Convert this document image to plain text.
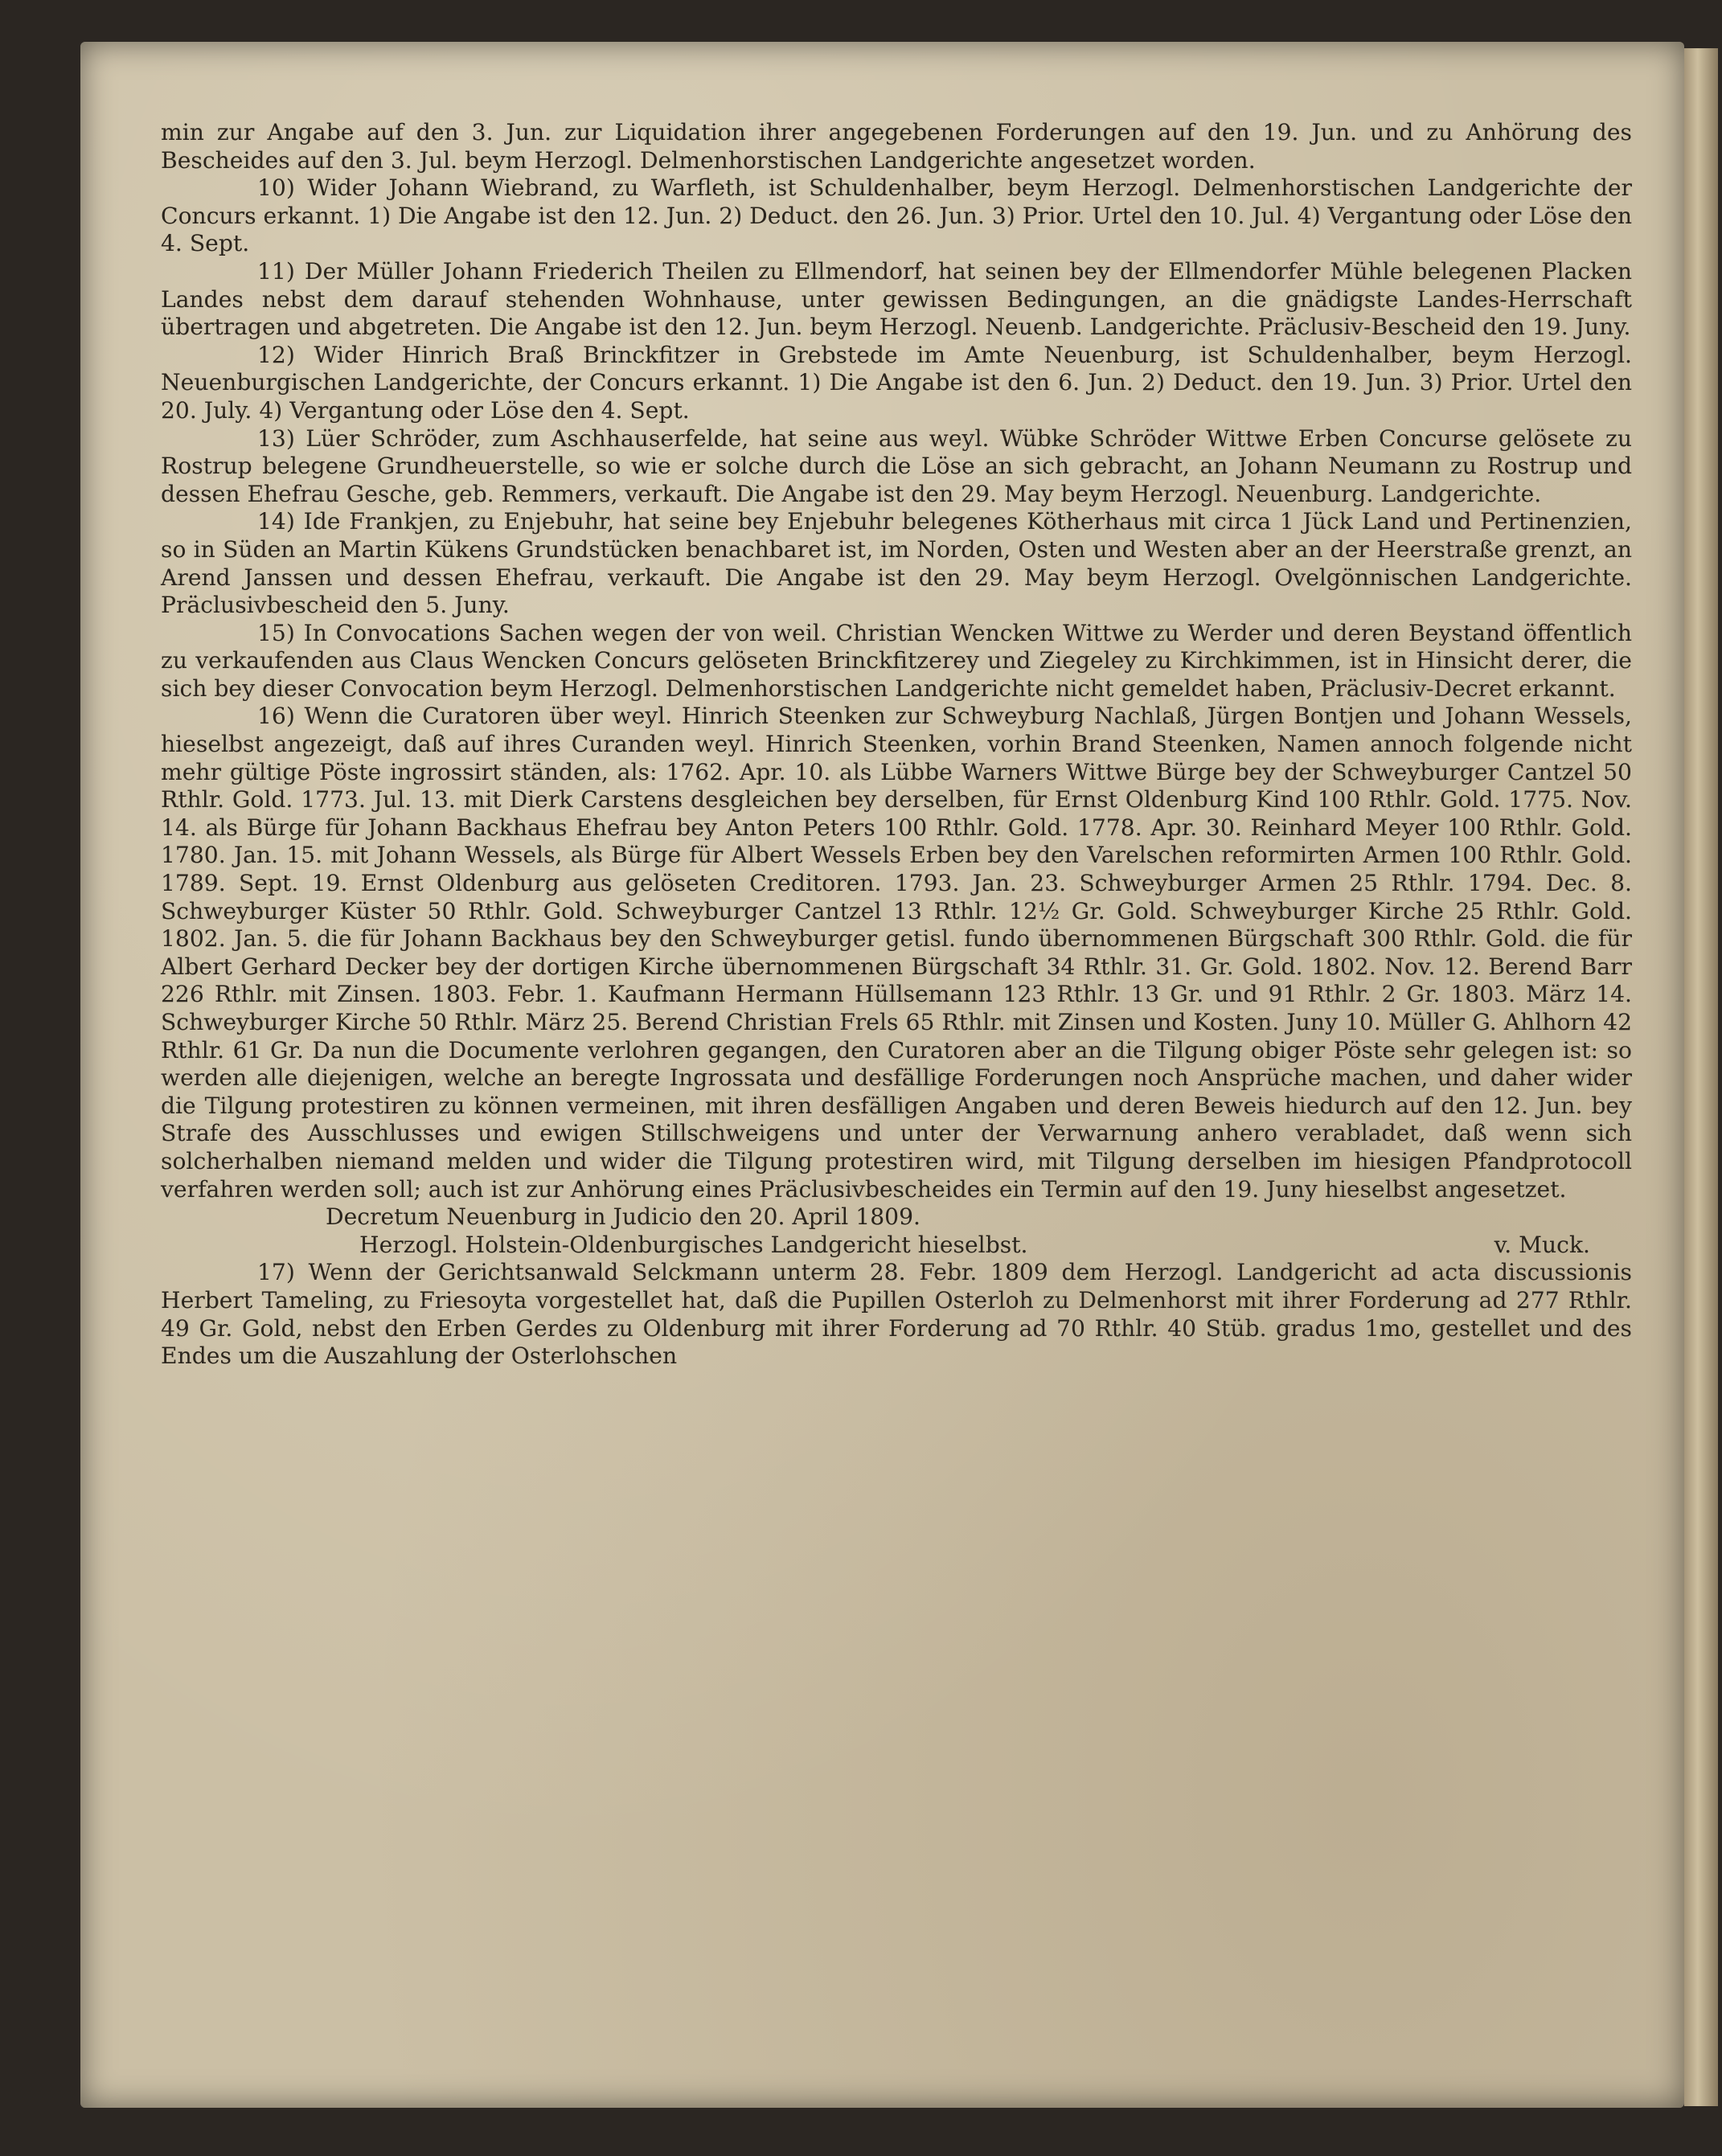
min zur Angabe auf den 3. Jun. zur Liquidation ihrer angegebenen Forderungen auf den 19. Jun. und zu Anhörung des Bescheides auf den 3. Jul. beym Herzogl. Delmenhorstischen Landgerichte angesetzet worden.

10) Wider Johann Wiebrand, zu Warfleth, ist Schuldenhalber, beym Herzogl. Delmenhorstischen Landgerichte der Concurs erkannt. 1) Die Angabe ist den 12. Jun. 2) Deduct. den 26. Jun. 3) Prior. Urtel den 10. Jul. 4) Vergantung oder Löse den 4. Sept.

11) Der Müller Johann Friederich Theilen zu Ellmendorf, hat seinen bey der Ellmendorfer Mühle belegenen Placken Landes nebst dem darauf stehenden Wohnhause, unter gewissen Bedingungen, an die gnädigste Landes-Herrschaft übertragen und abgetreten. Die Angabe ist den 12. Jun. beym Herzogl. Neuenb. Landgerichte. Präclusiv-Bescheid den 19. Juny.

12) Wider Hinrich Braß Brinckfitzer in Grebstede im Amte Neuenburg, ist Schuldenhalber, beym Herzogl. Neuenburgischen Landgerichte, der Concurs erkannt. 1) Die Angabe ist den 6. Jun. 2) Deduct. den 19. Jun. 3) Prior. Urtel den 20. July. 4) Vergantung oder Löse den 4. Sept.

13) Lüer Schröder, zum Aschhauserfelde, hat seine aus weyl. Wübke Schröder Wittwe Erben Concurse gelösete zu Rostrup belegene Grundheuerstelle, so wie er solche durch die Löse an sich gebracht, an Johann Neumann zu Rostrup und dessen Ehefrau Gesche, geb. Remmers, verkauft. Die Angabe ist den 29. May beym Herzogl. Neuenburg. Landgerichte.

14) Ide Frankjen, zu Enjebuhr, hat seine bey Enjebuhr belegenes Kötherhaus mit circa 1 Jück Land und Pertinenzien, so in Süden an Martin Kükens Grundstücken benachbaret ist, im Norden, Osten und Westen aber an der Heerstraße grenzt, an Arend Janssen und dessen Ehefrau, verkauft. Die Angabe ist den 29. May beym Herzogl. Ovelgönnischen Landgerichte. Präclusivbescheid den 5. Juny.

15) In Convocations Sachen wegen der von weil. Christian Wencken Wittwe zu Werder und deren Beystand öffentlich zu verkaufenden aus Claus Wencken Concurs gelöseten Brinckfitzerey und Ziegeley zu Kirchkimmen, ist in Hinsicht derer, die sich bey dieser Convocation beym Herzogl. Delmenhorstischen Landgerichte nicht gemeldet haben, Präclusiv-Decret erkannt.

16) Wenn die Curatoren über weyl. Hinrich Steenken zur Schweyburg Nachlaß, Jürgen Bontjen und Johann Wessels, hieselbst angezeigt, daß auf ihres Curanden weyl. Hinrich Steenken, vorhin Brand Steenken, Namen annoch folgende nicht mehr gültige Pöste ingrossirt ständen, als: 1762. Apr. 10. als Lübbe Warners Wittwe Bürge bey der Schweyburger Cantzel 50 Rthlr. Gold. 1773. Jul. 13. mit Dierk Carstens desgleichen bey derselben, für Ernst Oldenburg Kind 100 Rthlr. Gold. 1775. Nov. 14. als Bürge für Johann Backhaus Ehefrau bey Anton Peters 100 Rthlr. Gold. 1778. Apr. 30. Reinhard Meyer 100 Rthlr. Gold. 1780. Jan. 15. mit Johann Wessels, als Bürge für Albert Wessels Erben bey den Varelschen reformirten Armen 100 Rthlr. Gold. 1789. Sept. 19. Ernst Oldenburg aus gelöseten Creditoren. 1793. Jan. 23. Schweyburger Armen 25 Rthlr. 1794. Dec. 8. Schweyburger Küster 50 Rthlr. Gold. Schweyburger Cantzel 13 Rthlr. 12½ Gr. Gold. Schweyburger Kirche 25 Rthlr. Gold. 1802. Jan. 5. die für Johann Backhaus bey den Schweyburger getisl. fundo übernommenen Bürgschaft 300 Rthlr. Gold. die für Albert Gerhard Decker bey der dortigen Kirche übernommenen Bürgschaft 34 Rthlr. 31. Gr. Gold. 1802. Nov. 12. Berend Barr 226 Rthlr. mit Zinsen. 1803. Febr. 1. Kaufmann Hermann Hüllsemann 123 Rthlr. 13 Gr. und 91 Rthlr. 2 Gr. 1803. März 14. Schweyburger Kirche 50 Rthlr. März 25. Berend Christian Frels 65 Rthlr. mit Zinsen und Kosten. Juny 10. Müller G. Ahlhorn 42 Rthlr. 61 Gr. Da nun die Documente verlohren gegangen, den Curatoren aber an die Tilgung obiger Pöste sehr gelegen ist: so werden alle diejenigen, welche an beregte Ingrossata und desfällige Forderungen noch Ansprüche machen, und daher wider die Tilgung protestiren zu können vermeinen, mit ihren desfälligen Angaben und deren Beweis hiedurch auf den 12. Jun. bey Strafe des Ausschlusses und ewigen Stillschweigens und unter der Verwarnung anhero verabladet, daß wenn sich solcherhalben niemand melden und wider die Tilgung protestiren wird, mit Tilgung derselben im hiesigen Pfandprotocoll verfahren werden soll; auch ist zur Anhörung eines Präclusivbescheides ein Termin auf den 19. Juny hieselbst angesetzet.

Decretum Neuenburg in Judicio den 20. April 1809.

Herzogl. Holstein-Oldenburgisches Landgericht hieselbst.	v. Muck.

17) Wenn der Gerichtsanwald Selckmann unterm 28. Febr. 1809 dem Herzogl. Landgericht ad acta discussionis Herbert Tameling, zu Friesoyta vorgestellet hat, daß die Pupillen Osterloh zu Delmenhorst mit ihrer Forderung ad 277 Rthlr. 49 Gr. Gold, nebst den Erben Gerdes zu Oldenburg mit ihrer Forderung ad 70 Rthlr. 40 Stüb. gradus 1mo, gestellet und des Endes um die Auszahlung der Osterlohschen
